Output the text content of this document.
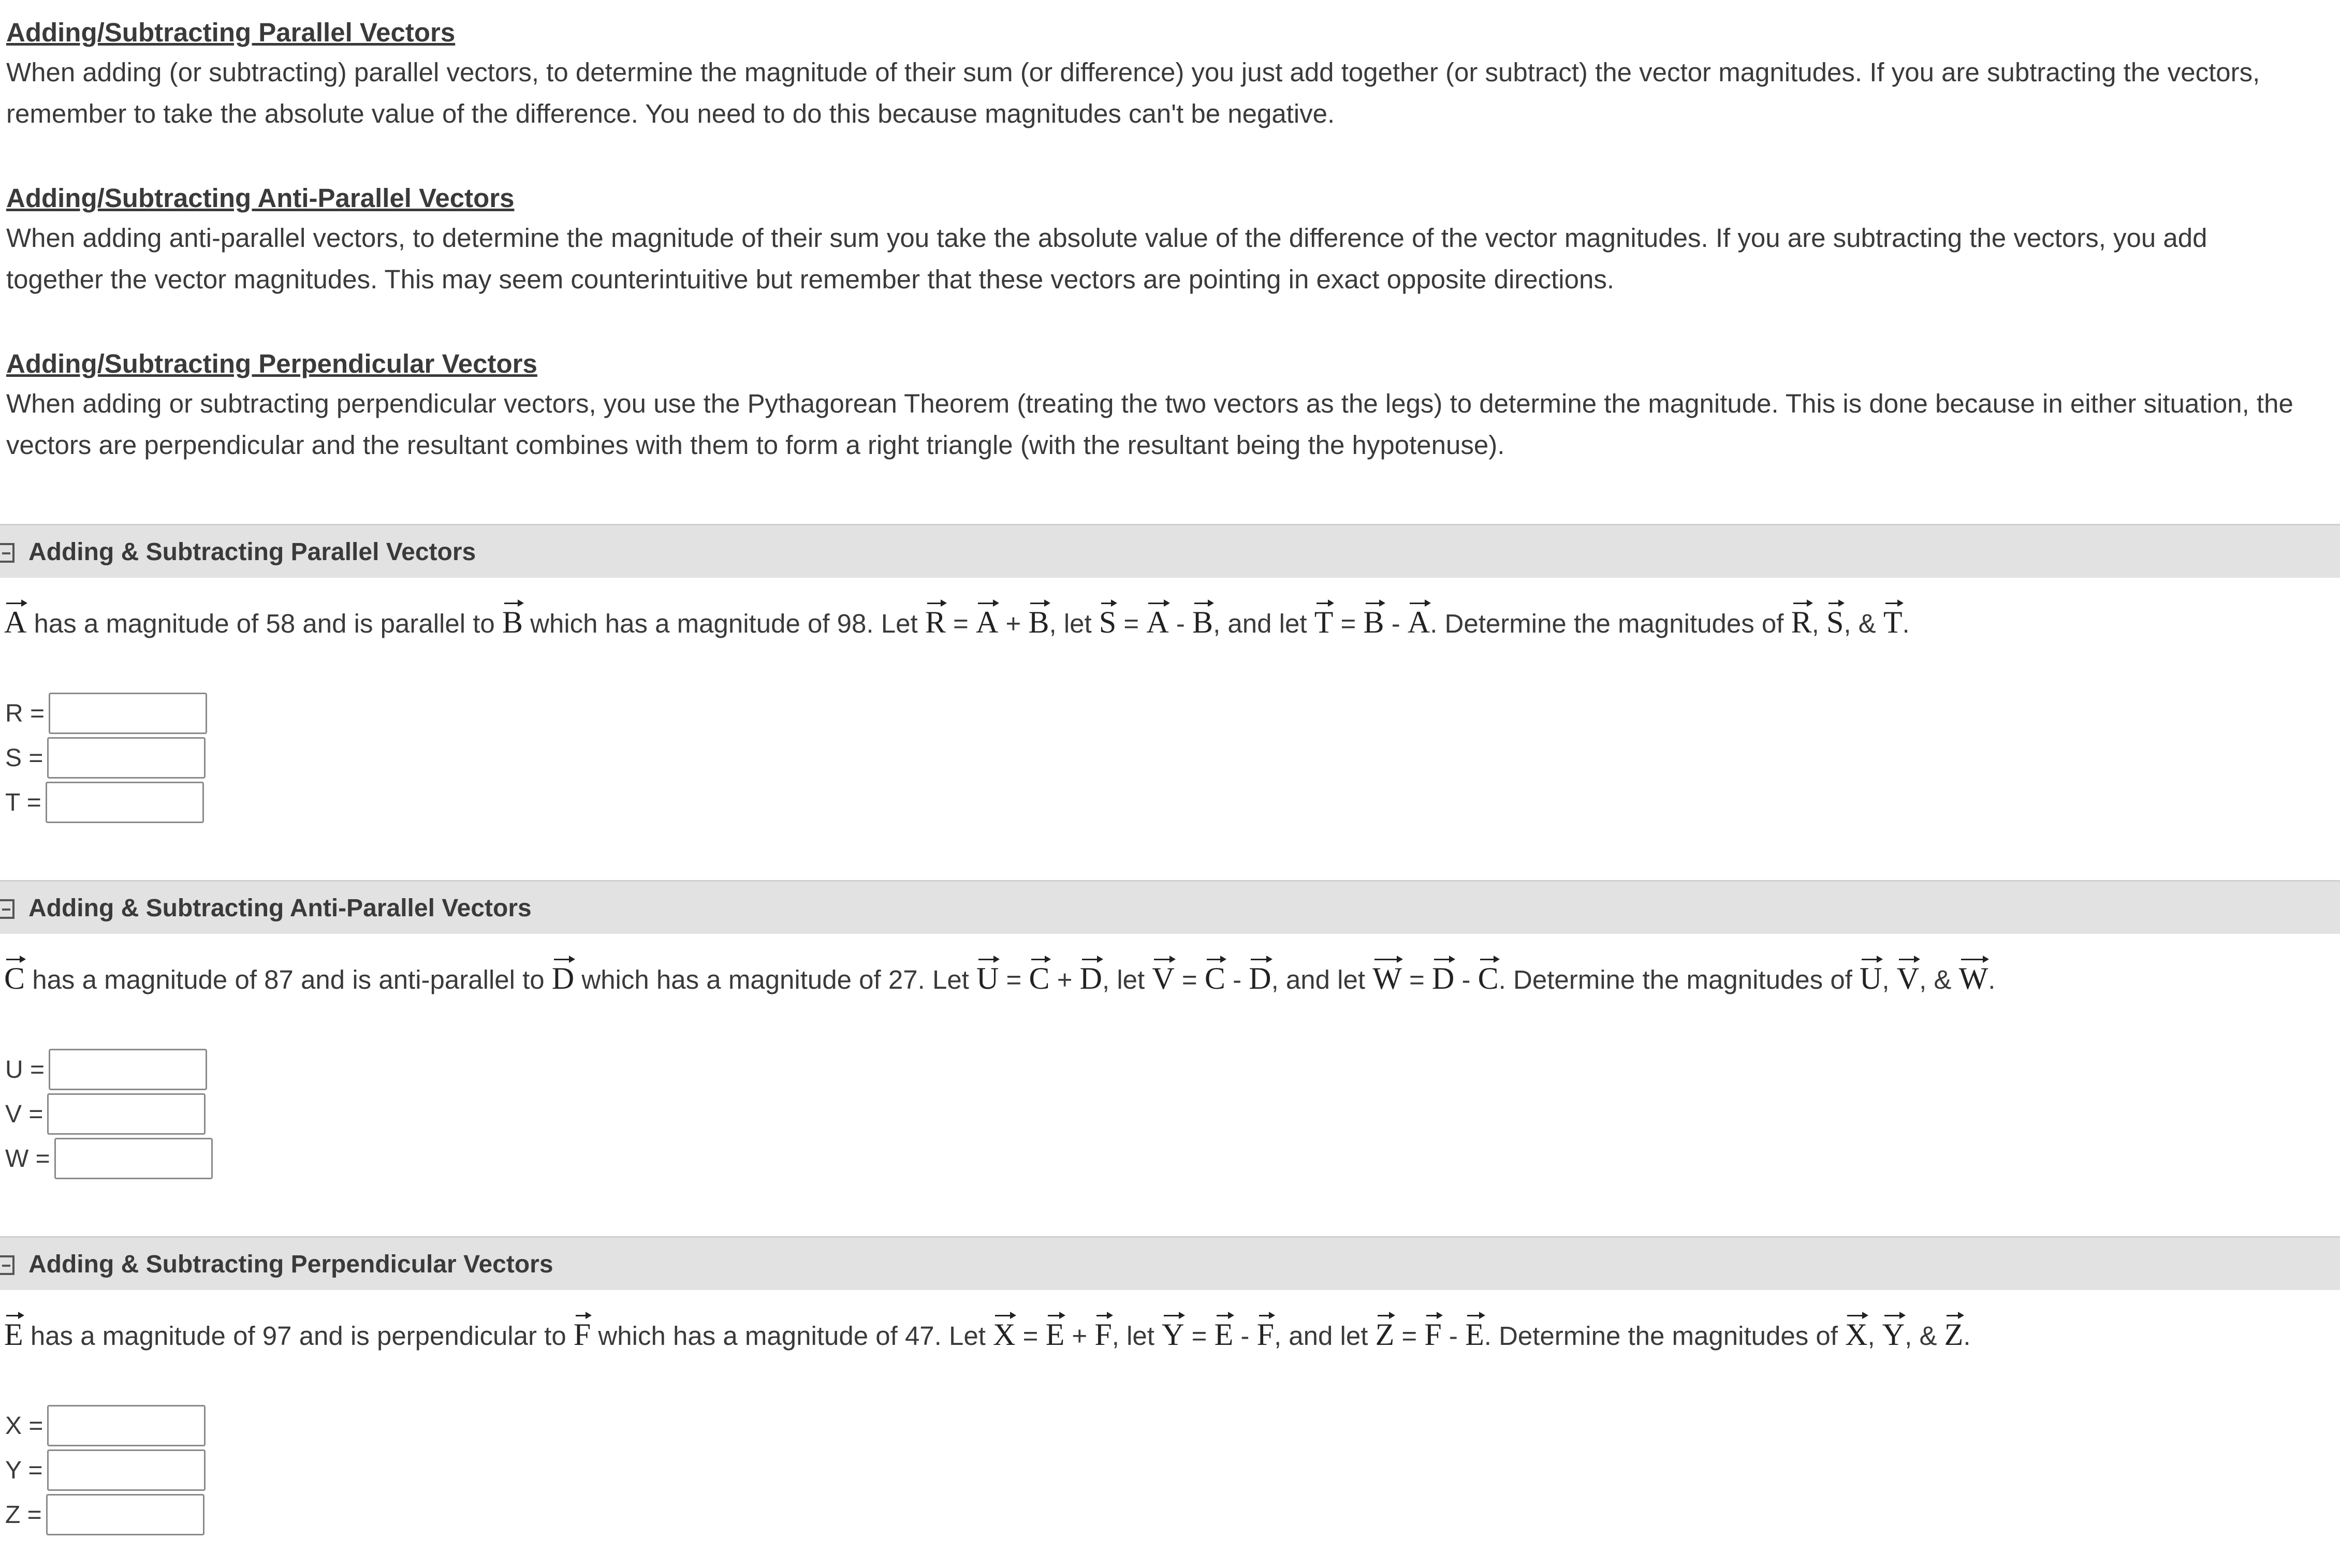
Adding/Subtracting Parallel Vectors
When adding (or subtracting) parallel vectors, to determine the magnitude of their sum (or difference) you just add together (or subtract) the vector magnitudes. If you are subtracting the vectors,
remember to take the absolute value of the difference. You need to do this because magnitudes can't be negative.
Adding/Subtracting Anti-Parallel Vectors
When adding anti-parallel vectors, to determine the magnitude of their sum you take the absolute value of the difference of the vector magnitudes. If you are subtracting the vectors, you add
together the vector magnitudes. This may seem counterintuitive but remember that these vectors are pointing in exact opposite directions.
Adding/Subtracting Perpendicular Vectors
When adding or subtracting perpendicular vectors, you use the Pythagorean Theorem (treating the two vectors as the legs) to determine the magnitude. This is done because in either situation, the
vectors are perpendicular and the resultant combines with them to form a right triangle (with the resultant being the hypotenuse).
Adding & Subtracting Parallel Vectors
A has a magnitude of 58 and is parallel to B which has a magnitude of 98. Let R = A + B, let S = A - B, and let T = B - A. Determine the magnitudes of R, S, & T.
R =
S =
T =
Adding & Subtracting Anti-Parallel Vectors
C has a magnitude of 87 and is anti-parallel to D which has a magnitude of 27. Let U = C + D, let V = C - D, and let W = D - C. Determine the magnitudes of U, V, & W.
U =
V =
W =
Adding & Subtracting Perpendicular Vectors
E has a magnitude of 97 and is perpendicular to F which has a magnitude of 47. Let X = E + F, let Y = E - F, and let Z = F - E. Determine the magnitudes of X, Y, & Z.
X =
Y =
Z =
